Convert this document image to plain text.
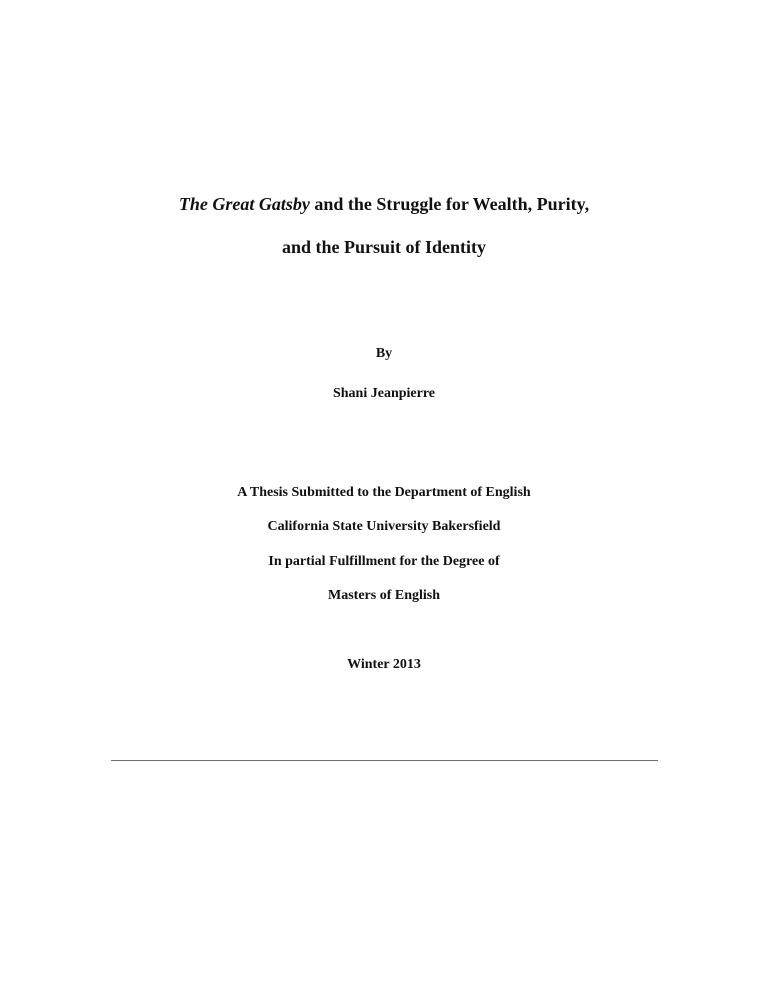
The Great Gatsby and the Struggle for Wealth, Purity,
and the Pursuit of Identity
By
Shani Jeanpierre
A Thesis Submitted to the Department of English
California State University Bakersfield
In partial Fulfillment for the Degree of
Masters of English
Winter 2013
